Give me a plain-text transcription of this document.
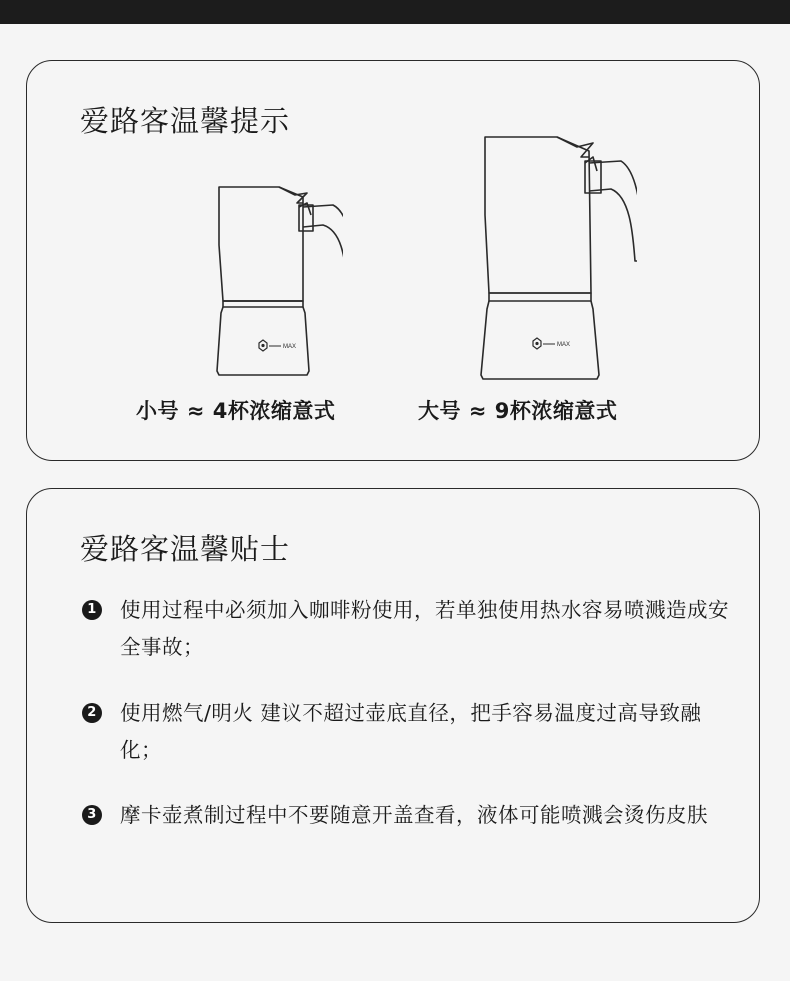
爱路客温馨提示
MAX	MAX
小号 ≈ 4杯浓缩意式	大号 ≈ 9杯浓缩意式
爱路客温馨贴士
1 使用过程中必须加入咖啡粉使用，若单独使用热水容易喷溅造成安全事故；
2 使用燃气/明火 建议不超过壶底直径，把手容易温度过高导致融化；
3 摩卡壶煮制过程中不要随意开盖查看，液体可能喷溅会烫伤皮肤
